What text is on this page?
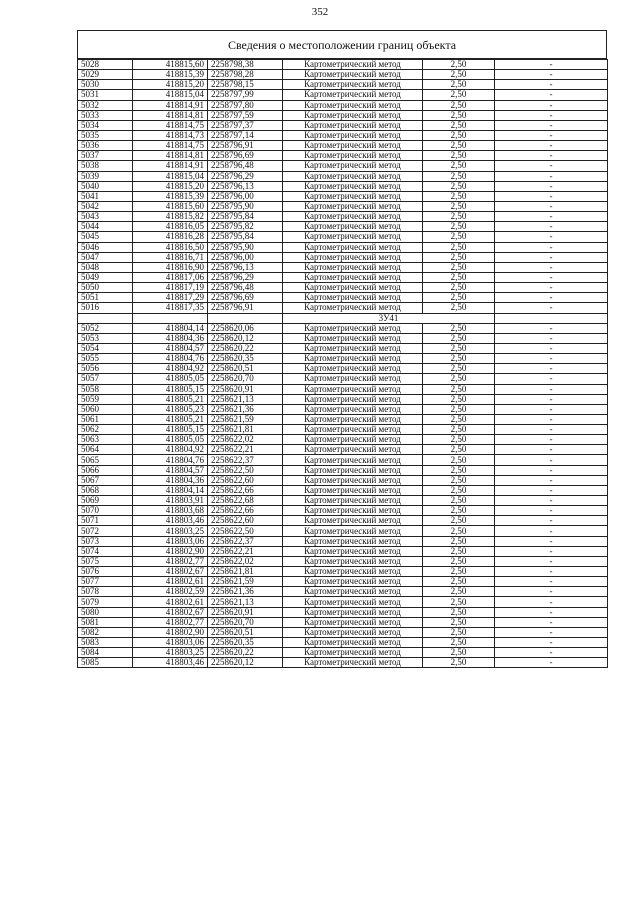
352
Сведения о местоположении границ объекта
5028	418815,60	2258798,38	Картометрический метод	2,50	-
5029	418815,39	2258798,28	Картометрический метод	2,50	-
5030	418815,20	2258798,15	Картометрический метод	2,50	-
5031	418815,04	2258797,99	Картометрический метод	2,50	-
5032	418814,91	2258797,80	Картометрический метод	2,50	-
5033	418814,81	2258797,59	Картометрический метод	2,50	-
5034	418814,75	2258797,37	Картометрический метод	2,50	-
5035	418814,73	2258797,14	Картометрический метод	2,50	-
5036	418814,75	2258796,91	Картометрический метод	2,50	-
5037	418814,81	2258796,69	Картометрический метод	2,50	-
5038	418814,91	2258796,48	Картометрический метод	2,50	-
5039	418815,04	2258796,29	Картометрический метод	2,50	-
5040	418815,20	2258796,13	Картометрический метод	2,50	-
5041	418815,39	2258796,00	Картометрический метод	2,50	-
5042	418815,60	2258795,90	Картометрический метод	2,50	-
5043	418815,82	2258795,84	Картометрический метод	2,50	-
5044	418816,05	2258795,82	Картометрический метод	2,50	-
5045	418816,28	2258795,84	Картометрический метод	2,50	-
5046	418816,50	2258795,90	Картометрический метод	2,50	-
5047	418816,71	2258796,00	Картометрический метод	2,50	-
5048	418816,90	2258796,13	Картометрический метод	2,50	-
5049	418817,06	2258796,29	Картометрический метод	2,50	-
5050	418817,19	2258796,48	Картометрический метод	2,50	-
5051	418817,29	2258796,69	Картометрический метод	2,50	-
5016	418817,35	2258796,91	Картометрический метод	2,50	-
			3У41		
5052	418804,14	2258620,06	Картометрический метод	2,50	-
5053	418804,36	2258620,12	Картометрический метод	2,50	-
5054	418804,57	2258620,22	Картометрический метод	2,50	-
5055	418804,76	2258620,35	Картометрический метод	2,50	-
5056	418804,92	2258620,51	Картометрический метод	2,50	-
5057	418805,05	2258620,70	Картометрический метод	2,50	-
5058	418805,15	2258620,91	Картометрический метод	2,50	-
5059	418805,21	2258621,13	Картометрический метод	2,50	-
5060	418805,23	2258621,36	Картометрический метод	2,50	-
5061	418805,21	2258621,59	Картометрический метод	2,50	-
5062	418805,15	2258621,81	Картометрический метод	2,50	-
5063	418805,05	2258622,02	Картометрический метод	2,50	-
5064	418804,92	2258622,21	Картометрический метод	2,50	-
5065	418804,76	2258622,37	Картометрический метод	2,50	-
5066	418804,57	2258622,50	Картометрический метод	2,50	-
5067	418804,36	2258622,60	Картометрический метод	2,50	-
5068	418804,14	2258622,66	Картометрический метод	2,50	-
5069	418803,91	2258622,68	Картометрический метод	2,50	-
5070	418803,68	2258622,66	Картометрический метод	2,50	-
5071	418803,46	2258622,60	Картометрический метод	2,50	-
5072	418803,25	2258622,50	Картометрический метод	2,50	-
5073	418803,06	2258622,37	Картометрический метод	2,50	-
5074	418802,90	2258622,21	Картометрический метод	2,50	-
5075	418802,77	2258622,02	Картометрический метод	2,50	-
5076	418802,67	2258621,81	Картометрический метод	2,50	-
5077	418802,61	2258621,59	Картометрический метод	2,50	-
5078	418802,59	2258621,36	Картометрический метод	2,50	-
5079	418802,61	2258621,13	Картометрический метод	2,50	-
5080	418802,67	2258620,91	Картометрический метод	2,50	-
5081	418802,77	2258620,70	Картометрический метод	2,50	-
5082	418802,90	2258620,51	Картометрический метод	2,50	-
5083	418803,06	2258620,35	Картометрический метод	2,50	-
5084	418803,25	2258620,22	Картометрический метод	2,50	-
5085	418803,46	2258620,12	Картометрический метод	2,50	-
